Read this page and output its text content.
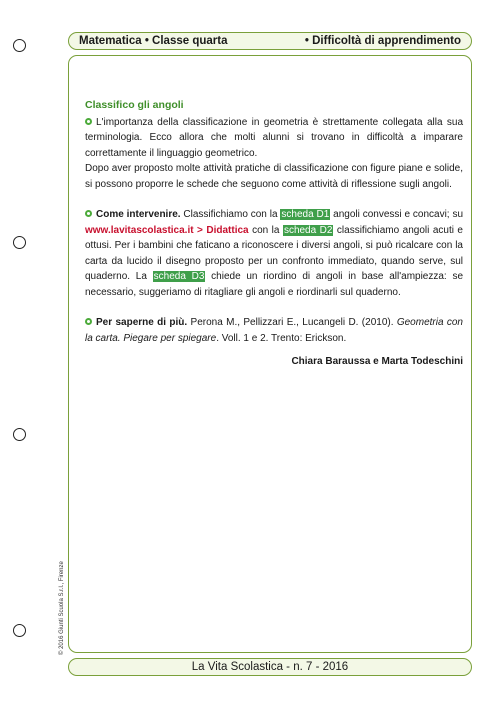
Matematica • Classe quarta	• Difficoltà di apprendimento
Classifico gli angoli

L'importanza della classificazione in geometria è strettamente collegata alla sua terminologia. Ecco allora che molti alunni si trovano in difficoltà a imparare correttamente il linguaggio geometrico.

Dopo aver proposto molte attività pratiche di classificazione con figure piane e solide, si possono proporre le schede che seguono come attività di riflessione sugli angoli.

Come intervenire. Classifichiamo con la scheda D1 angoli convessi e concavi; su www.lavitascolastica.it > Didattica con la scheda D2 classifichiamo angoli acuti e ottusi. Per i bambini che faticano a riconoscere i diversi angoli, si può ricalcare con la carta da lucido il disegno proposto per un confronto immediato, quando serve, sul quaderno. La scheda D3 chiede un riordino di angoli in base all'ampiezza: se necessario, suggeriamo di ritagliare gli angoli e riordinarli sul quaderno.

Per saperne di più. Perona M., Pellizzari E., Lucangeli D. (2010). Geometria con la carta. Piegare per spiegare. Voll. 1 e 2. Trento: Erickson.

Chiara Baraussa e Marta Todeschini

© 2016 Giunti Scuola S.r.l., Firenze
La Vita Scolastica - n. 7 - 2016
